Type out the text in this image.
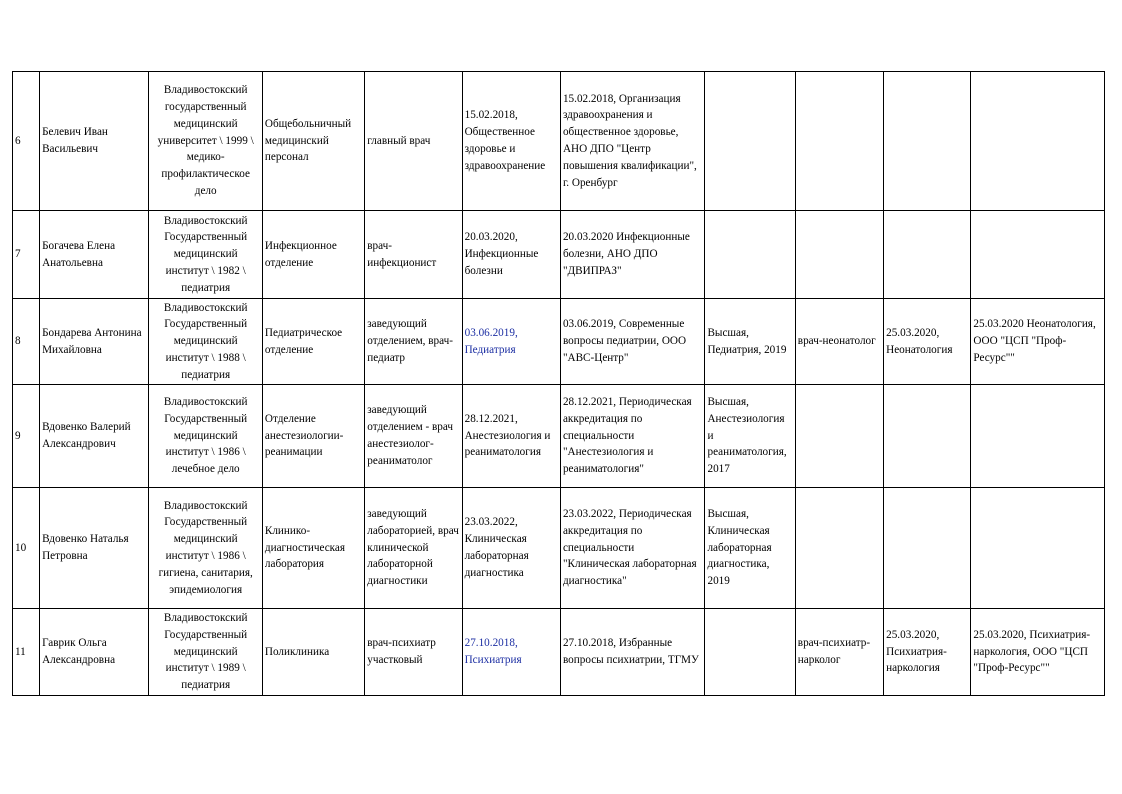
6	Белевич Иван Васильевич	Владивостокский государственный медицинский университет \ 1999 \ медико-профилактическое дело	Общебольничный медицинский персонал	главный врач	15.02.2018, Общественное здоровье и здравоохранение	15.02.2018, Организация здравоохранения и общественное здоровье, АНО ДПО "Центр повышения квалификации", г. Оренбург				
7	Богачева Елена Анатольевна	Владивостокский Государственный медицинский институт \ 1982 \ педиатрия	Инфекционное отделение	врач-инфекционист	20.03.2020, Инфекционные болезни	20.03.2020 Инфекционные болезни, АНО ДПО "ДВИПРАЗ"				
8	Бондарева Антонина Михайловна	Владивостокский Государственный медицинский институт \ 1988 \ педиатрия	Педиатрическое отделение	заведующий отделением, врач-педиатр	03.06.2019, Педиатрия	03.06.2019, Современные вопросы педиатрии, ООО "АВС-Центр"	Высшая, Педиатрия, 2019	врач-неонатолог	25.03.2020, Неонатология	25.03.2020 Неонатология, ООО "ЦСП "Проф-Ресурс""
9	Вдовенко Валерий Александрович	Владивостокский Государственный медицинский институт \ 1986 \ лечебное дело	Отделение анестезиологии-реанимации	заведующий отделением - врач анестезиолог-реаниматолог	28.12.2021, Анестезиология и реаниматология	28.12.2021, Периодическая аккредитация по специальности "Анестезиология и реаниматология"	Высшая, Анестезиология и реаниматология, 2017			
10	Вдовенко Наталья Петровна	Владивостокский Государственный медицинский институт \ 1986 \ гигиена, санитария, эпидемиология	Клинико-диагностическая лаборатория	заведующий лабораторией, врач клинической лабораторной диагностики	23.03.2022, Клиническая лабораторная диагностика	23.03.2022, Периодическая аккредитация по специальности "Клиническая лабораторная диагностика"	Высшая, Клиническая лабораторная диагностика, 2019			
11	Гаврик Ольга Александровна	Владивостокский Государственный медицинский институт \ 1989 \ педиатрия	Поликлиника	врач-психиатр участковый	27.10.2018, Психиатрия	27.10.2018, Избранные вопросы психиатрии, ТГМУ		врач-психиатр-нарколог	25.03.2020, Психиатрия-наркология	25.03.2020, Психиатрия-наркология, ООО "ЦСП "Проф-Ресурс""
